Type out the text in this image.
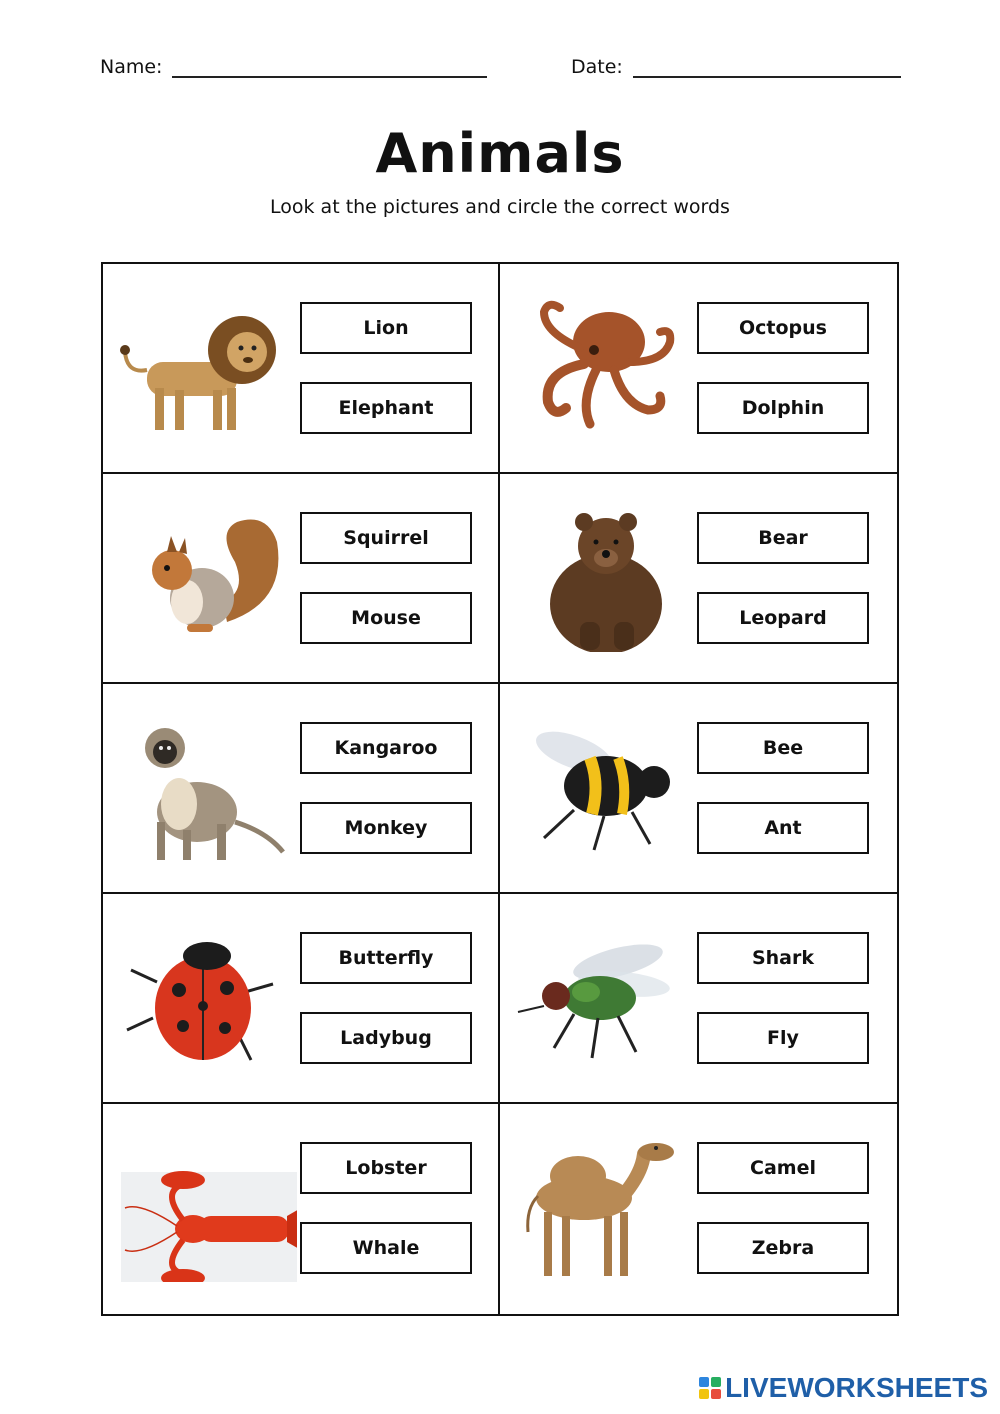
Name:	Date:
Animals
Look at the pictures and circle the correct words
Lion
Elephant
Octopus
Dolphin
Squirrel
Mouse
Bear
Leopard
Kangaroo
Monkey
Bee
Ant
Butterfly
Ladybug
Shark
Fly
Lobster
Whale
Camel
Zebra
LIVEWORKSHEETS
